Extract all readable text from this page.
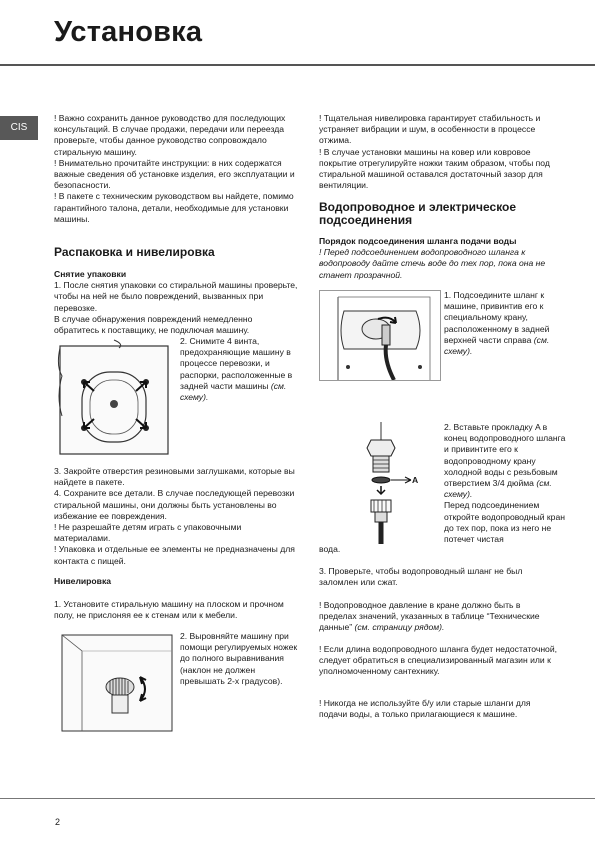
Установка
CIS

! Важно сохранить данное руководство для последующих консультаций. В случае продажи, передачи или переезда проверьте, чтобы данное руководство сопровождало стиральную машину.

! Внимательно прочитайте инструкции: в них содержатся важные сведения об установке изделия, его эксплуатации и безопасности.

! В пакете с техническим руководством вы найдете, помимо гарантийного талона, детали, необходимые для установки машины.

Распаковка и нивелировка

Снятие упаковки

1. После снятия упаковки со стиральной машины проверьте, чтобы на ней не было повреждений, вызванных при перевозке.

В случае обнаружения повреждений немедленно обратитесь к поставщику, не подключая машину.

2. Снимите 4 винта, предохраняющие машину в процессе перевозки, и распорки, расположенные в задней части машины (см. схему).

3. Закройте отверстия резиновыми заглушками, которые вы найдете в пакете.

4. Сохраните все детали. В случае последующей перевозки стиральной машины, они должны быть установлены во избежание ее повреждения.

! Не разрешайте детям играть с упаковочными материалами.

! Упаковка и отдельные ее элементы не предназначены для контакта с пищей.

Нивелировка

1. Установите стиральную машину на плоском и прочном полу, не прислоняя ее к стенам или к мебели.

2. Выровняйте машину при помощи регулируемых ножек до полного выравнивания (наклон не должен превышать 2-х градусов).

! Тщательная нивелировка гарантирует стабильность и устраняет вибрации и шум, в особенности в процессе отжима.

! В случае установки машины на ковер или ковровое покрытие отрегулируйте ножки таким образом, чтобы под стиральной машиной оставался достаточный зазор для вентиляции.

Водопроводное и электрическое подсоединения

Порядок подсоединения шланга подачи воды

! Перед подсоединением водопроводного шланга к водопроводу дайте стечь воде до тех пор, пока она не станет прозрачной.

1. Подсоедините шланг к машине, привинтив его к специальному крану, расположенному в задней верхней части справа (см. схему).

A

2. Вставьте прокладку A в конец водопроводного шланга и привинтите его к водопроводному крану холодной воды с резьбовым отверстием 3/4 дюйма (см. схему).

Перед подсоединением откройте водопроводный кран до тех пор, пока из него не потечет чистая

вода.

3. Проверьте, чтобы водопроводный шланг не был заломлен или сжат.

! Водопроводное давление в кране должно быть в пределах значений, указанных в таблице “Технические данные” (см. страницу рядом).

! Если длина водопроводного шланга будет недостаточной, следует обратиться в специализированный магазин или к уполномоченному сантехнику.

! Никогда не используйте б/у или старые шланги для подачи воды, а только прилагающиеся к машине.

2
